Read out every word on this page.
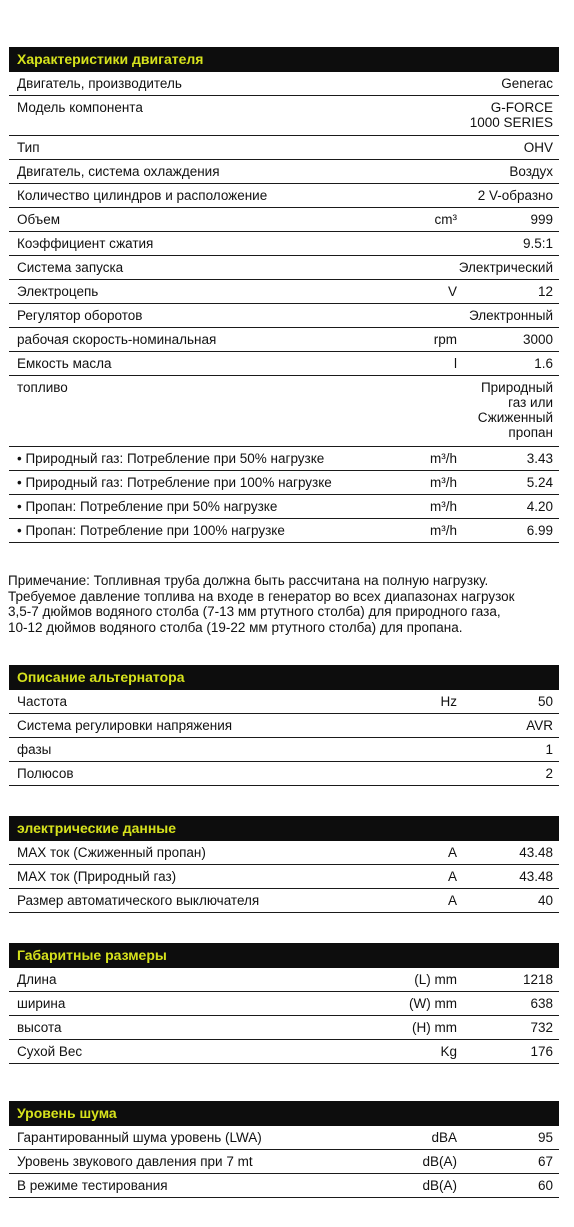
Характеристики двигателя
Двигатель, производитель	Generac
Модель компонента	G-FORCE
1000 SERIES
Тип	OHV
Двигатель, система охлаждения	Воздух
Количество цилиндров и расположение	2 V-образно
Объем	cm³	999
Коэффициент сжатия	9.5:1
Система запуска	Электрический
Электроцепь	V	12
Регулятор оборотов	Электронный
рабочая скорость-номинальная	rpm	3000
Емкость масла	l	1.6
топливо	Природный
газ или
Сжиженный
пропан
• Природный газ: Потребление при 50% нагрузке	m³/h	3.43
• Природный газ: Потребление при 100% нагрузке	m³/h	5.24
• Пропан: Потребление при 50% нагрузке	m³/h	4.20
• Пропан: Потребление при 100% нагрузке	m³/h	6.99
Примечание: Топливная труба должна быть рассчитана на полную нагрузку.
Требуемое давление топлива на входе в генератор во всех диапазонах нагрузок
3,5-7 дюймов водяного столба (7-13 мм ртутного столба) для природного газа,
10-12 дюймов водяного столба (19-22 мм ртутного столба) для пропана.
Описание альтернатора
Частота	Hz	50
Система регулировки напряжения	AVR
фазы	1
Полюсов	2
электрические данные
MAX ток (Сжиженный пропан)	A	43.48
MAX ток (Природный газ)	A	43.48
Размер автоматического выключателя	A	40
Габаритные размеры
Длина	(L) mm	1218
ширина	(W) mm	638
высота	(H) mm	732
Сухой Вес	Kg	176
Уровень шума
Гарантированный шума уровень (LWA)	dBA	95
Уровень звукового давления при 7 mt	dB(A)	67
В режиме тестирования	dB(A)	60
